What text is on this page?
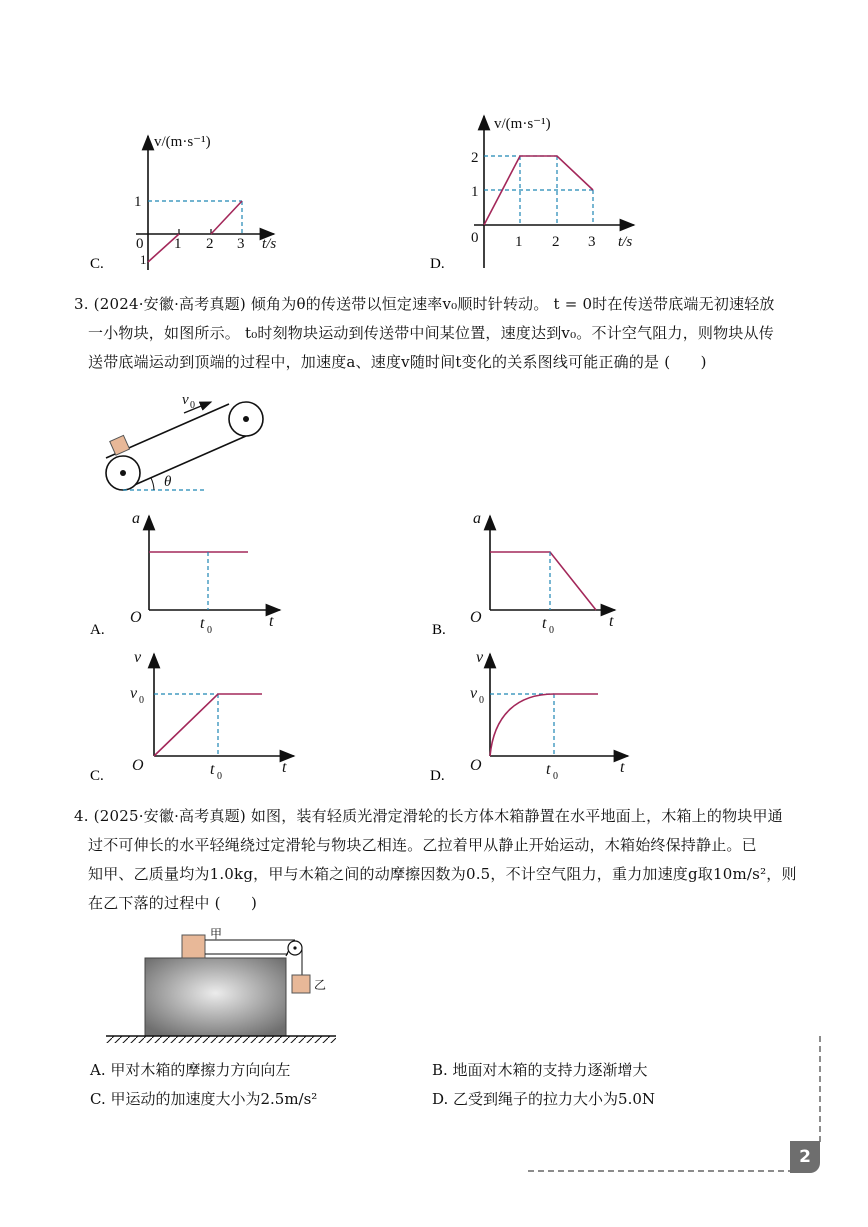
v/(m·s⁻¹)
1
0
1
1 2 3 t/s
C.
v/(m·s⁻¹)
2
1
0 1 2 3 t/s
D.

3. (2024·安徽·高考真题) 倾角为θ的传送带以恒定速率v₀顺时针转动。 t = 0时在传送带底端无初速轻放

一小物块，如图所示。 t₀时刻物块运动到传送带中间某位置，速度达到v₀。不计空气阻力，则物块从传

送带底端运动到顶端的过程中，加速度a、速度v随时间t变化的关系图线可能正确的是 (　　)

v 0
θ
a
O	t 0
t
A.
a
O	t 0
t
B.
v
v 0
O	t 0
t
C.
v
v 0
O	t 0
t
D.

4. (2025·安徽·高考真题) 如图，装有轻质光滑定滑轮的长方体木箱静置在水平地面上，木箱上的物块甲通

过不可伸长的水平轻绳绕过定滑轮与物块乙相连。乙拉着甲从静止开始运动，木箱始终保持静止。已

知甲、乙质量均为1.0kg，甲与木箱之间的动摩擦因数为0.5，不计空气阻力，重力加速度g取10m/s²，则

在乙下落的过程中 (　　)

甲
乙
A. 甲对木箱的摩擦力方向向左	B. 地面对木箱的支持力逐渐增大
C. 甲运动的加速度大小为2.5m/s²	D. 乙受到绳子的拉力大小为5.0N
2
